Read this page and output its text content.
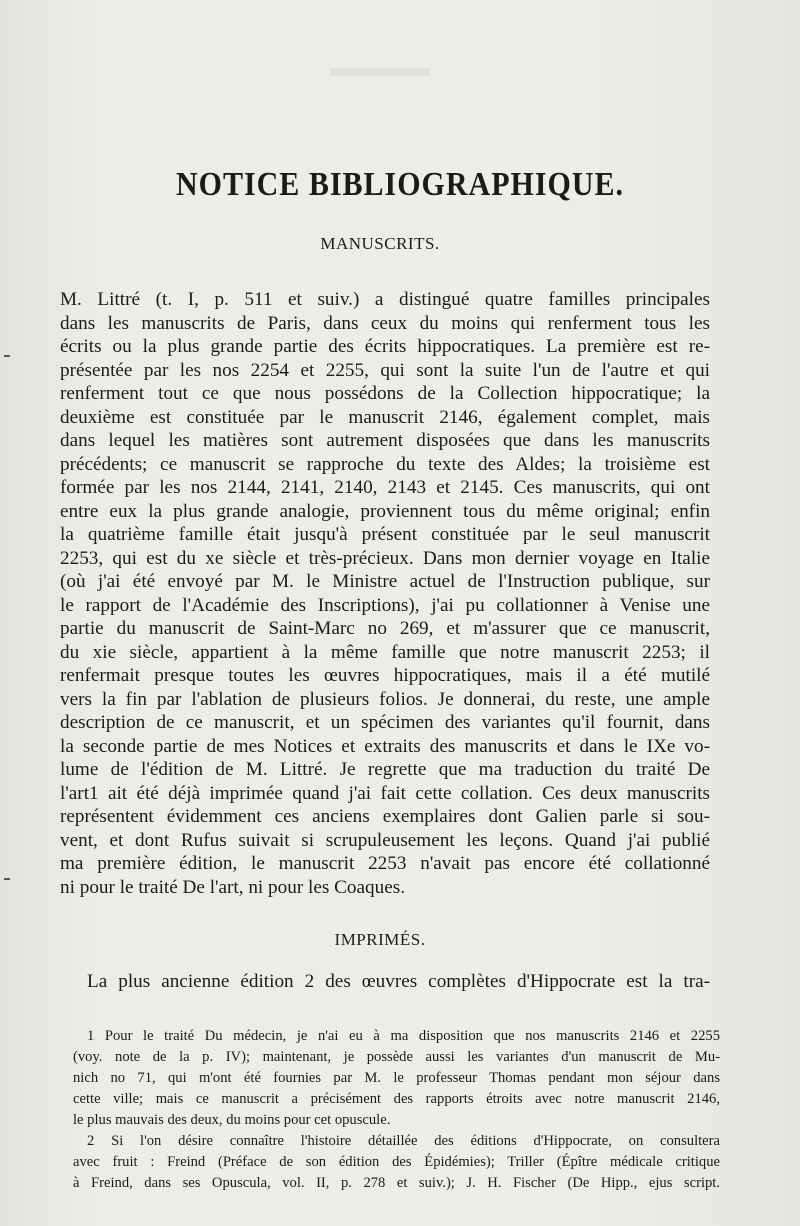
NOTICE BIBLIOGRAPHIQUE.
MANUSCRITS.
M. Littré (t. I, p. 511 et suiv.) a distingué quatre familles principales
dans les manuscrits de Paris, dans ceux du moins qui renferment tous les
écrits ou la plus grande partie des écrits hippocratiques. La première est re-
présentée par les nos 2254 et 2255, qui sont la suite l'un de l'autre et qui
renferment tout ce que nous possédons de la Collection hippocratique; la
deuxième est constituée par le manuscrit 2146, également complet, mais
dans lequel les matières sont autrement disposées que dans les manuscrits
précédents; ce manuscrit se rapproche du texte des Aldes; la troisième est
formée par les nos 2144, 2141, 2140, 2143 et 2145. Ces manuscrits, qui ont
entre eux la plus grande analogie, proviennent tous du même original; enfin
la quatrième famille était jusqu'à présent constituée par le seul manuscrit
2253, qui est du xe siècle et très-précieux. Dans mon dernier voyage en Italie
(où j'ai été envoyé par M. le Ministre actuel de l'Instruction publique, sur
le rapport de l'Académie des Inscriptions), j'ai pu collationner à Venise une
partie du manuscrit de Saint-Marc no 269, et m'assurer que ce manuscrit,
du xie siècle, appartient à la même famille que notre manuscrit 2253; il
renfermait presque toutes les œuvres hippocratiques, mais il a été mutilé
vers la fin par l'ablation de plusieurs folios. Je donnerai, du reste, une ample
description de ce manuscrit, et un spécimen des variantes qu'il fournit, dans
la seconde partie de mes Notices et extraits des manuscrits et dans le IXe vo-
lume de l'édition de M. Littré. Je regrette que ma traduction du traité De
l'art1 ait été déjà imprimée quand j'ai fait cette collation. Ces deux manuscrits
représentent évidemment ces anciens exemplaires dont Galien parle si sou-
vent, et dont Rufus suivait si scrupuleusement les leçons. Quand j'ai publié
ma première édition, le manuscrit 2253 n'avait pas encore été collationné
ni pour le traité De l'art, ni pour les Coaques.
IMPRIMÉS.
La plus ancienne édition 2 des œuvres complètes d'Hippocrate est la tra-
1 Pour le traité Du médecin, je n'ai eu à ma disposition que nos manuscrits 2146 et 2255
(voy. note de la p. IV); maintenant, je possède aussi les variantes d'un manuscrit de Mu-
nich no 71, qui m'ont été fournies par M. le professeur Thomas pendant mon séjour dans
cette ville; mais ce manuscrit a précisément des rapports étroits avec notre manuscrit 2146,
le plus mauvais des deux, du moins pour cet opuscule.
2 Si l'on désire connaître l'histoire détaillée des éditions d'Hippocrate, on consultera
avec fruit : Freind (Préface de son édition des Épidémies); Triller (Épître médicale critique
à Freind, dans ses Opuscula, vol. II, p. 278 et suiv.); J. H. Fischer (De Hipp., ejus script.
